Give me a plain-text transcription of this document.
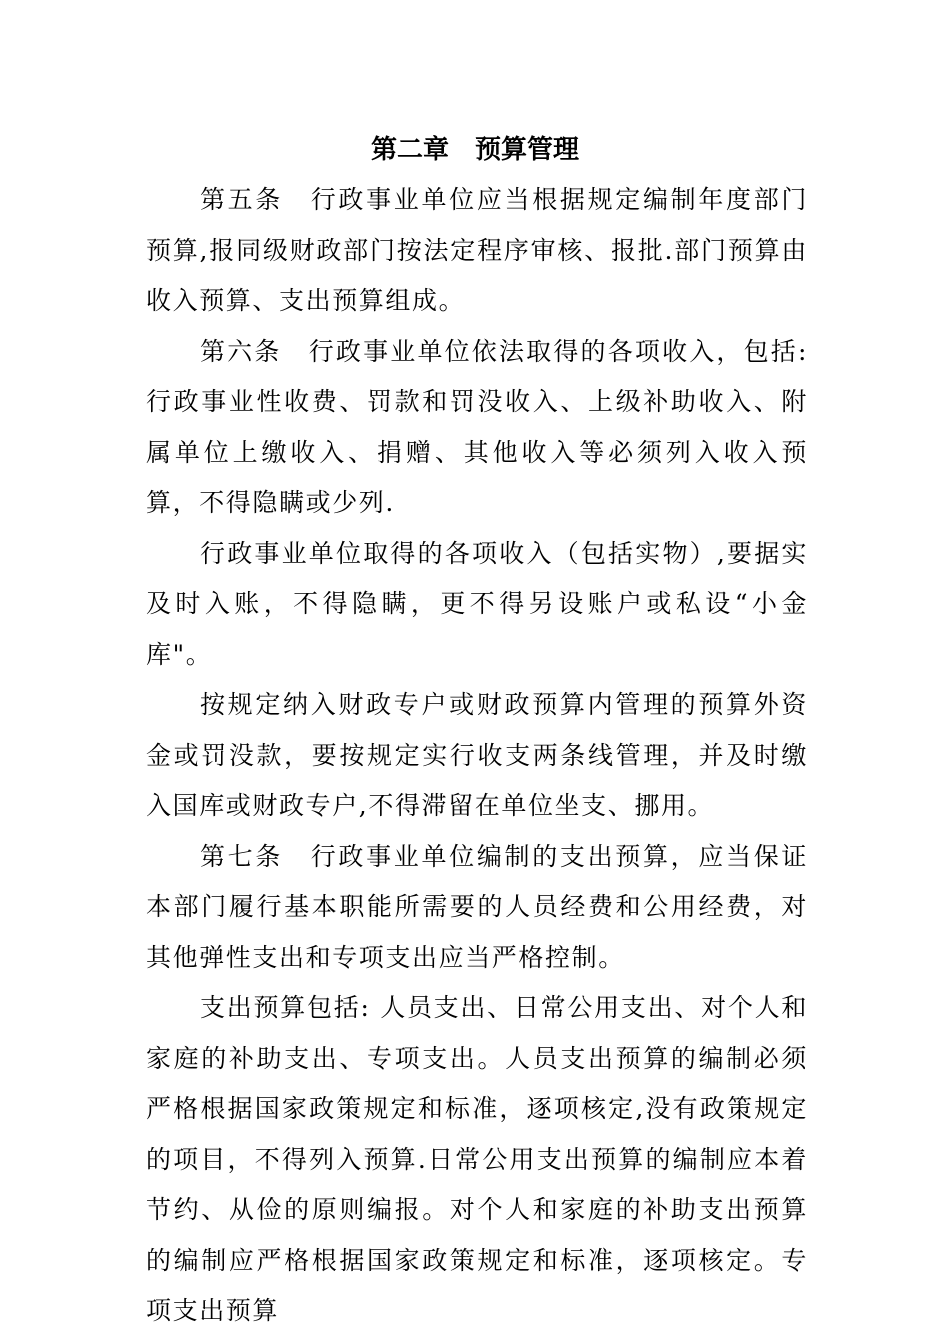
第二章　预算管理

第五条　行政事业单位应当根据规定编制年度部门预算,报同级财政部门按法定程序审核、报批.部门预算由收入预算、支出预算组成。

第六条　行政事业单位依法取得的各项收入，包括:行政事业性收费、罚款和罚没收入、上级补助收入、附属单位上缴收入、捐赠、其他收入等必须列入收入预算，不得隐瞒或少列.

行政事业单位取得的各项收入（包括实物）,要据实及时入账，不得隐瞒，更不得另设账户或私设“小金库"。

按规定纳入财政专户或财政预算内管理的预算外资金或罚没款，要按规定实行收支两条线管理，并及时缴入国库或财政专户,不得滞留在单位坐支、挪用。

第七条　行政事业单位编制的支出预算，应当保证本部门履行基本职能所需要的人员经费和公用经费，对其他弹性支出和专项支出应当严格控制。

支出预算包括: 人员支出、日常公用支出、对个人和家庭的补助支出、专项支出。人员支出预算的编制必须严格根据国家政策规定和标准，逐项核定,没有政策规定的项目，不得列入预算.日常公用支出预算的编制应本着节约、从俭的原则编报。对个人和家庭的补助支出预算的编制应严格根据国家政策规定和标准，逐项核定。专项支出预算
